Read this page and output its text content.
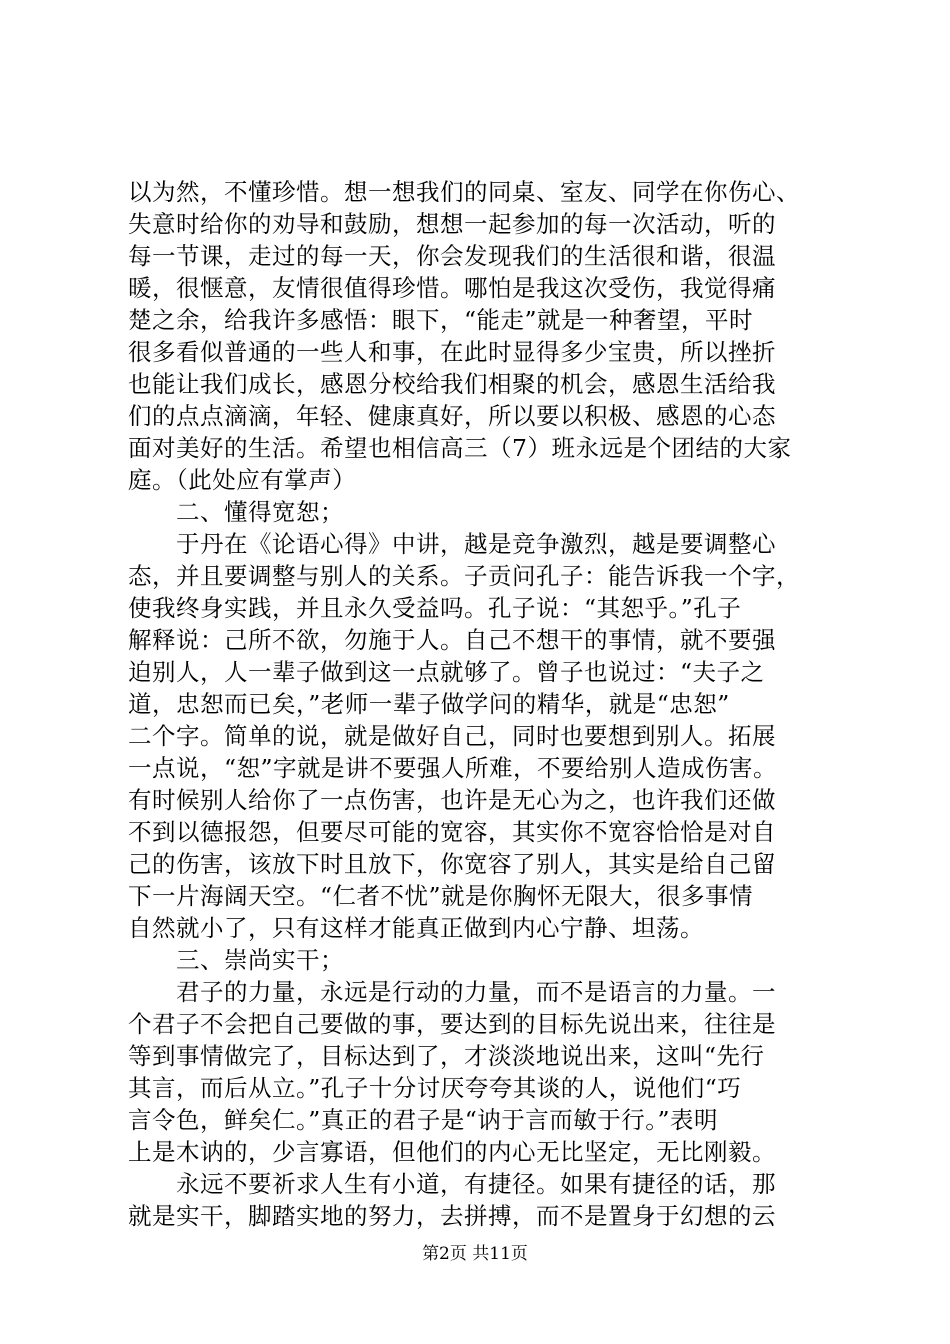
以为然，不懂珍惜。想一想我们的同桌、室友、同学在你伤心、
失意时给你的劝导和鼓励，想想一起参加的每一次活动，听的
每一节课，走过的每一天，你会发现我们的生活很和谐，很温
暖，很惬意，友情很值得珍惜。哪怕是我这次受伤，我觉得痛
楚之余，给我许多感悟：眼下，“能走”就是一种奢望，平时
很多看似普通的一些人和事，在此时显得多少宝贵，所以挫折
也能让我们成长，感恩分校给我们相聚的机会，感恩生活给我
们的点点滴滴，年轻、健康真好，所以要以积极、感恩的心态
面对美好的生活。希望也相信高三（7）班永远是个团结的大家
庭。（此处应有掌声）
　　二、懂得宽恕；
　　于丹在《论语心得》中讲，越是竞争激烈，越是要调整心
态，并且要调整与别人的关系。子贡问孔子：能告诉我一个字，
使我终身实践，并且永久受益吗。孔子说：“其恕乎。”孔子
解释说：己所不欲，勿施于人。自己不想干的事情，就不要强
迫别人，人一辈子做到这一点就够了。曾子也说过：“夫子之
道，忠恕而已矣，”老师一辈子做学问的精华，就是“忠恕”
二个字。简单的说，就是做好自己，同时也要想到别人。拓展
一点说，“恕”字就是讲不要强人所难，不要给别人造成伤害。
有时候别人给你了一点伤害，也许是无心为之，也许我们还做
不到以德报怨，但要尽可能的宽容，其实你不宽容恰恰是对自
己的伤害，该放下时且放下，你宽容了别人，其实是给自己留
下一片海阔天空。“仁者不忧”就是你胸怀无限大，很多事情
自然就小了，只有这样才能真正做到内心宁静、坦荡。
　　三、崇尚实干；
　　君子的力量，永远是行动的力量，而不是语言的力量。一
个君子不会把自己要做的事，要达到的目标先说出来，往往是
等到事情做完了，目标达到了，才淡淡地说出来，这叫“先行
其言，而后从立。”孔子十分讨厌夸夸其谈的人，说他们“巧
言令色，鲜矣仁。”真正的君子是“讷于言而敏于行。”表明
上是木讷的，少言寡语，但他们的内心无比坚定，无比刚毅。
　　永远不要祈求人生有小道，有捷径。如果有捷径的话，那
就是实干，脚踏实地的努力，去拼搏，而不是置身于幻想的云
第2页 共11页
